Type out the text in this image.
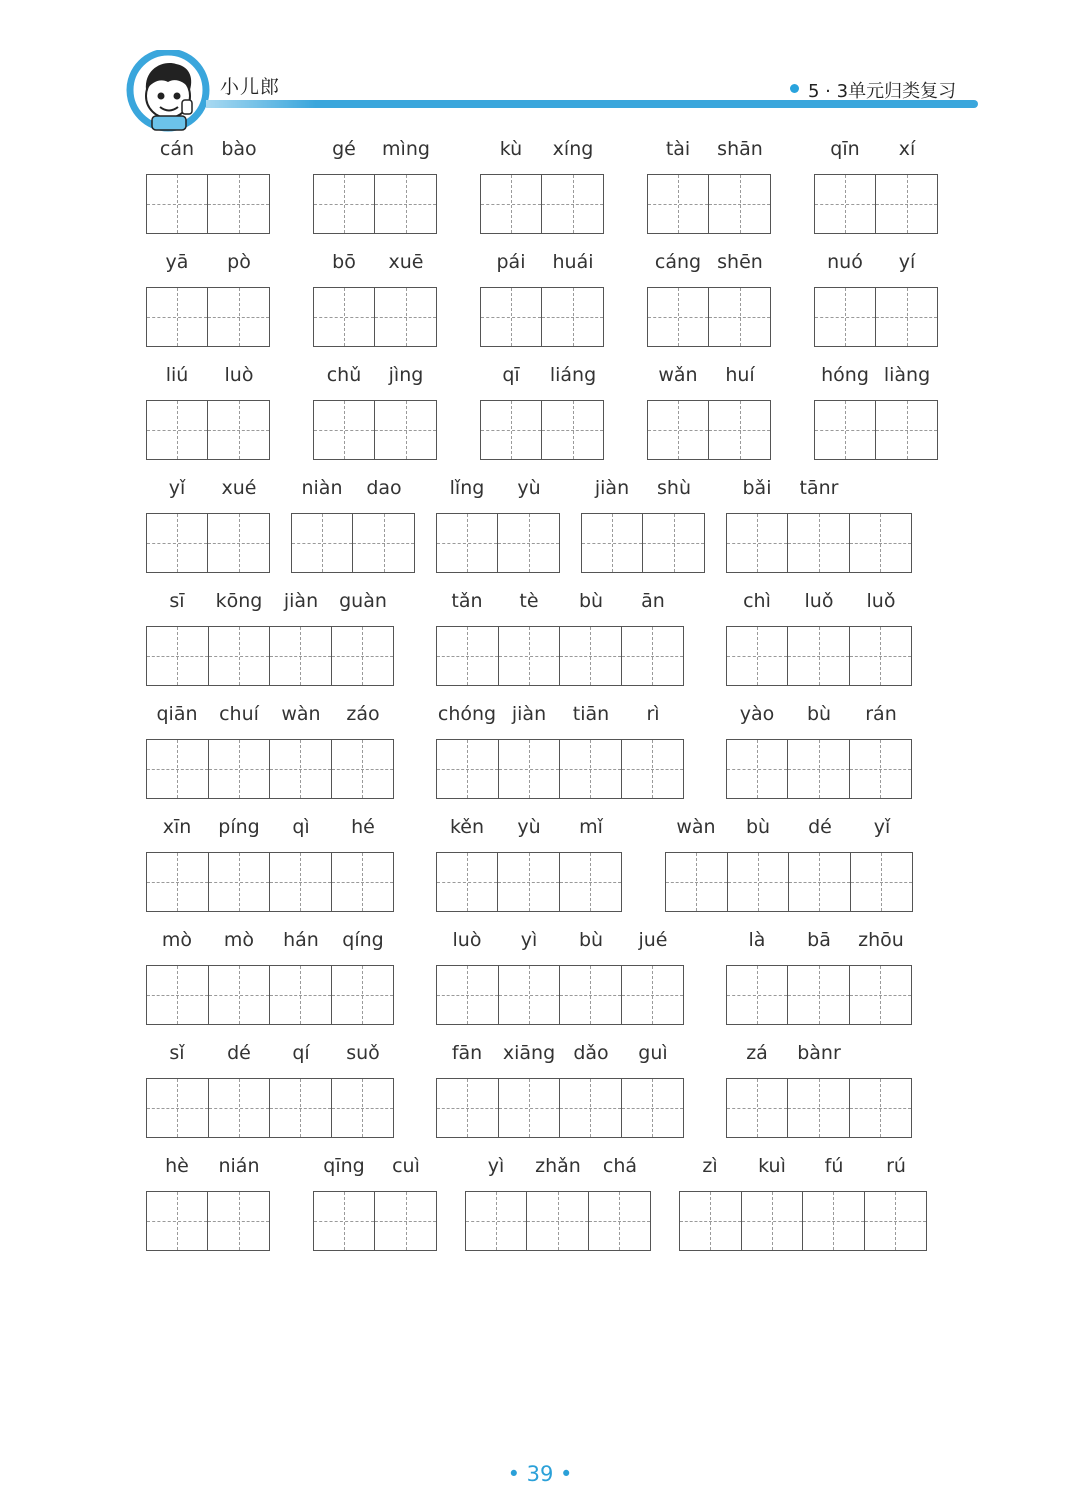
小儿郎	5 · 3单元归类复习
cán	bào	gé	mìng	kù	xíng	tài	shān	qīn	xí
yā	pò	bō	xuē	pái	huái	cáng shēn	nuó	yí
liú	luò	chǔ	jìng	qī	liáng	wǎn	huí	hóng liàng
yǐ	xué	niàn	dao	lǐng	yù	jiàn	shù	bǎi	tānr
sī	kōng	jiàn	guàn	tǎn	tè	bù	ān	chì	luǒ	luǒ
qiān	chuí	wàn	záo	chóng jiàn	tiān	rì	yào	bù	rán
xīn	píng	qì	hé	kěn	yù	mǐ	wàn	bù	dé	yǐ
mò	mò	hán	qíng	luò	yì	bù	jué	là	bā	zhōu
sǐ	dé	qí	suǒ	fān	xiāng dǎo	guì	zá	bànr
hè	nián	qīng	cuì	yì	zhǎn	chá	zì	kuì	fú	rú
• 39 •
